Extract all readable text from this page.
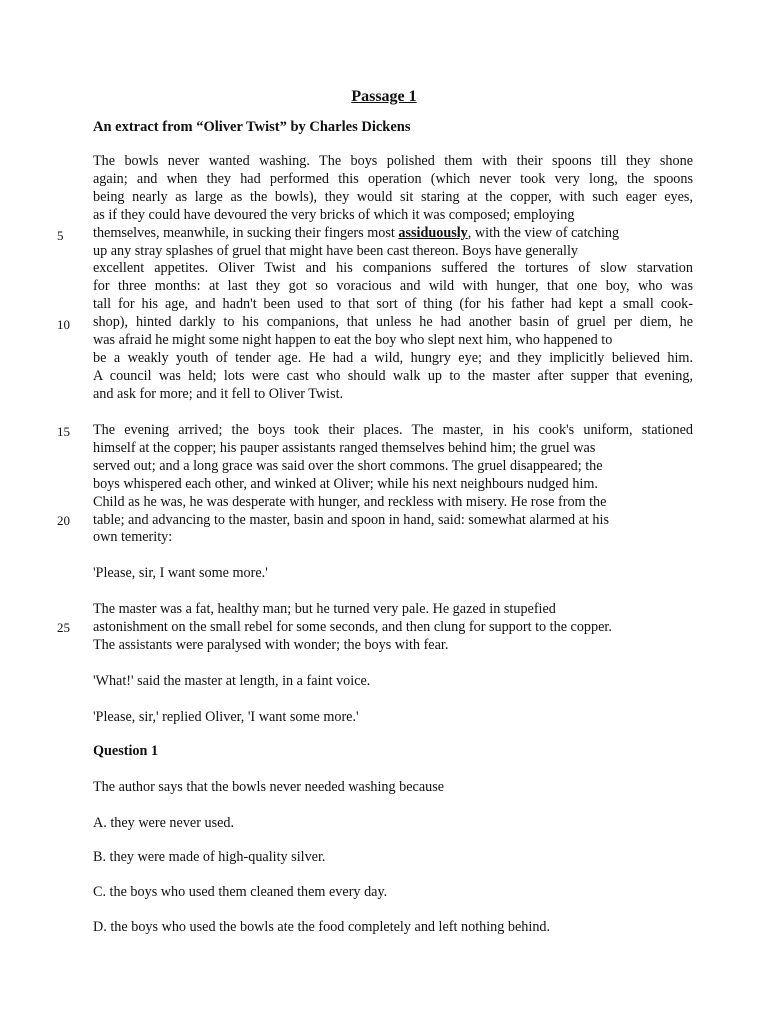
Passage 1
An extract from “Oliver Twist” by Charles Dickens
The bowls never wanted washing. The boys polished them with their spoons till they shone
again; and when they had performed this operation (which never took very long, the spoons
being nearly as large as the bowls), they would sit staring at the copper, with such eager eyes,
as if they could have devoured the very bricks of which it was composed; employing
themselves, meanwhile, in sucking their fingers most assiduously, with the view of catching
up any stray splashes of gruel that might have been cast thereon. Boys have generally
excellent appetites. Oliver Twist and his companions suffered the tortures of slow starvation
for three months: at last they got so voracious and wild with hunger, that one boy, who was
tall for his age, and hadn't been used to that sort of thing (for his father had kept a small cook-
shop), hinted darkly to his companions, that unless he had another basin of gruel per diem, he
was afraid he might some night happen to eat the boy who slept next him, who happened to
be a weakly youth of tender age. He had a wild, hungry eye; and they implicitly believed him.
A council was held; lots were cast who should walk up to the master after supper that evening,
and ask for more; and it fell to Oliver Twist.
The evening arrived; the boys took their places. The master, in his cook's uniform, stationed
himself at the copper; his pauper assistants ranged themselves behind him; the gruel was
served out; and a long grace was said over the short commons. The gruel disappeared; the
boys whispered each other, and winked at Oliver; while his next neighbours nudged him.
Child as he was, he was desperate with hunger, and reckless with misery. He rose from the
table; and advancing to the master, basin and spoon in hand, said: somewhat alarmed at his
own temerity:
'Please, sir, I want some more.'
The master was a fat, healthy man; but he turned very pale. He gazed in stupefied
astonishment on the small rebel for some seconds, and then clung for support to the copper.
The assistants were paralysed with wonder; the boys with fear.
'What!' said the master at length, in a faint voice.
'Please, sir,' replied Oliver, 'I want some more.'
5
10
15
20
25
Question 1
The author says that the bowls never needed washing because
A. they were never used.
B. they were made of high-quality silver.
C. the boys who used them cleaned them every day.
D. the boys who used the bowls ate the food completely and left nothing behind.
